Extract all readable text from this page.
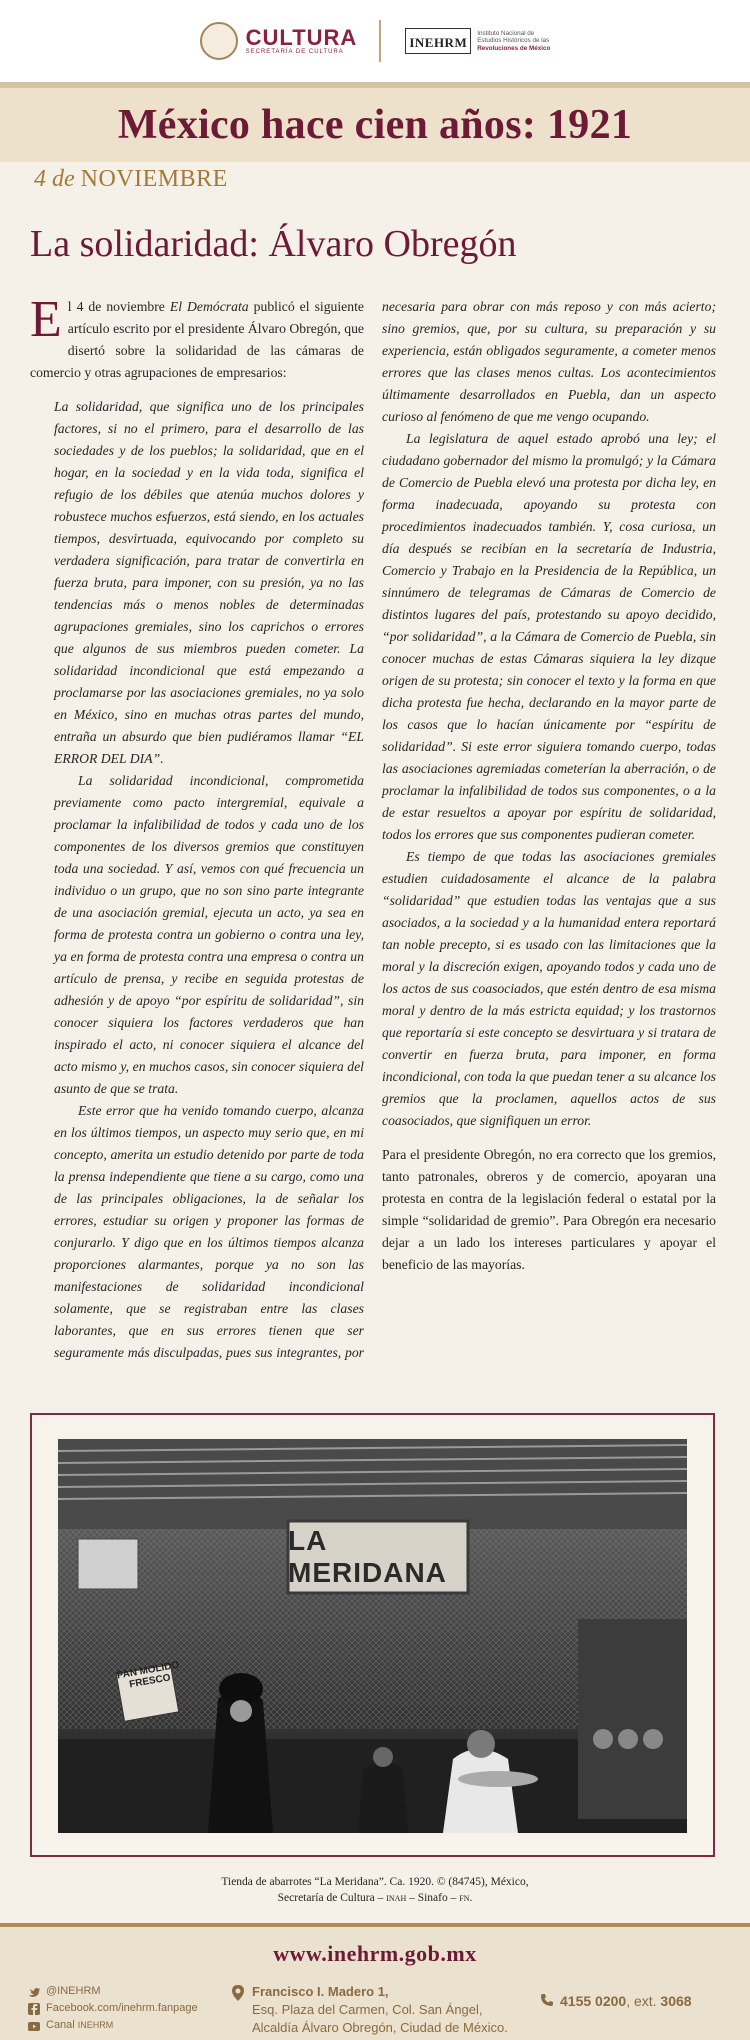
CULTURA
SECRETARÍA DE CULTURA
INEHRM
Instituto Nacional de
Estudios Históricos de las
Revoluciones de México
México hace cien años: 1921
4 de NOVIEMBRE
La solidaridad: Álvaro Obregón

El 4 de noviembre El Demócrata publicó el siguiente artículo escrito por el presidente Álvaro Obregón, que disertó sobre la solidaridad de las cámaras de comercio y otras agrupaciones de empresarios:

La solidaridad, que significa uno de los principales factores, si no el primero, para el desarrollo de las sociedades y de los pueblos; la solidaridad, que en el hogar, en la sociedad y en la vida toda, significa el refugio de los débiles que atenúa muchos dolores y robustece muchos esfuerzos, está siendo, en los actuales tiempos, desvirtuada, equivocando por completo su verdadera significación, para tratar de convertirla en fuerza bruta, para imponer, con su presión, ya no las tendencias más o menos nobles de determinadas agrupaciones gremiales, sino los caprichos o errores que algunos de sus miembros pueden cometer. La solidaridad incondicional que está empezando a proclamarse por las asociaciones gremiales, no ya solo en México, sino en muchas otras partes del mundo, entraña un absurdo que bien pudiéramos llamar “EL ERROR DEL DIA”.

La solidaridad incondicional, comprometida previamente como pacto intergremial, equivale a proclamar la infalibilidad de todos y cada uno de los componentes de los diversos gremios que constituyen toda una sociedad. Y así, vemos con qué frecuencia un individuo o un grupo, que no son sino parte integrante de una asociación gremial, ejecuta un acto, ya sea en forma de protesta contra un gobierno o contra una ley, ya en forma de protesta contra una empresa o contra un artículo de prensa, y recibe en seguida protestas de adhesión y de apoyo “por espíritu de solidaridad”, sin conocer siquiera los factores verdaderos que han inspirado el acto, ni conocer siquiera el alcance del acto mismo y, en muchos casos, sin conocer siquiera del asunto de que se trata.

Este error que ha venido tomando cuerpo, alcanza en los últimos tiempos, un aspecto muy serio que, en mi concepto, amerita un estudio detenido por parte de toda la prensa independiente que tiene a su cargo, como una de las principales obligaciones, la de señalar los errores, estudiar su origen y proponer las formas de conjurarlo. Y digo que en los últimos tiempos alcanza proporciones alarmantes, porque ya no son las manifestaciones de solidaridad incondicional solamente, que se registraban entre las clases laborantes, que en sus errores tienen que ser seguramente más disculpadas, pues sus integrantes, por

necesaria para obrar con más reposo y con más acierto; sino gremios, que, por su cultura, su preparación y su experiencia, están obligados seguramente, a cometer menos errores que las clases menos cultas. Los acontecimientos últimamente desarrollados en Puebla, dan un aspecto curioso al fenómeno de que me vengo ocupando.

La legislatura de aquel estado aprobó una ley; el ciudadano gobernador del mismo la promulgó; y la Cámara de Comercio de Puebla elevó una protesta por dicha ley, en forma inadecuada, apoyando su protesta con procedimientos inadecuados también. Y, cosa curiosa, un día después se recibían en la secretaría de Industria, Comercio y Trabajo en la Presidencia de la República, un sinnúmero de telegramas de Cámaras de Comercio de distintos lugares del país, protestando su apoyo decidido, “por solidaridad”, a la Cámara de Comercio de Puebla, sin conocer muchas de estas Cámaras siquiera la ley dizque origen de su protesta; sin conocer el texto y la forma en que dicha protesta fue hecha, declarando en la mayor parte de los casos que lo hacían únicamente por “espíritu de solidaridad”. Si este error siguiera tomando cuerpo, todas las asociaciones agremiadas cometerían la aberración, o de proclamar la infalibilidad de todos sus componentes, o a la de estar resueltos a apoyar por espíritu de solidaridad, todos los errores que sus componentes pudieran cometer.

Es tiempo de que todas las asociaciones gremiales estudien cuidadosamente el alcance de la palabra “solidaridad” que estudien todas las ventajas que a sus asociados, a la sociedad y a la humanidad entera reportará tan noble precepto, si es usado con las limitaciones que la moral y la discreción exigen, apoyando todos y cada uno de los actos de sus coasociados, que estén dentro de esa misma moral y dentro de la más estricta equidad; y los trastornos que reportaría si este concepto se desvirtuara y si tratara de convertir en fuerza bruta, para imponer, en forma incondicional, con toda la que puedan tener a su alcance los gremios que la proclamen, aquellos actos de sus coasociados, que signifiquen un error.

Para el presidente Obregón, no era correcto que los gremios, tanto patronales, obreros y de comercio, apoyaran una protesta en contra de la legislación federal o estatal por la simple “solidaridad de gremio”. Para Obregón era necesario dejar a un lado los intereses particulares y apoyar el beneficio de las mayorías.

LA MERIDANA
PAN MOLIDO FRESCO
Tienda de abarrotes “La Meridana”. Ca. 1920. © (84745), México,
Secretaría de Cultura – inah – Sinafo – fn.
www.inehrm.gob.mx
@INEHRM
Facebook.com/inehrm.fanpage
Canal INEHRM
Francisco I. Madero 1,
Esq. Plaza del Carmen, Col. San Ángel,
Alcaldía Álvaro Obregón, Ciudad de México.
4155 0200, ext. 3068
